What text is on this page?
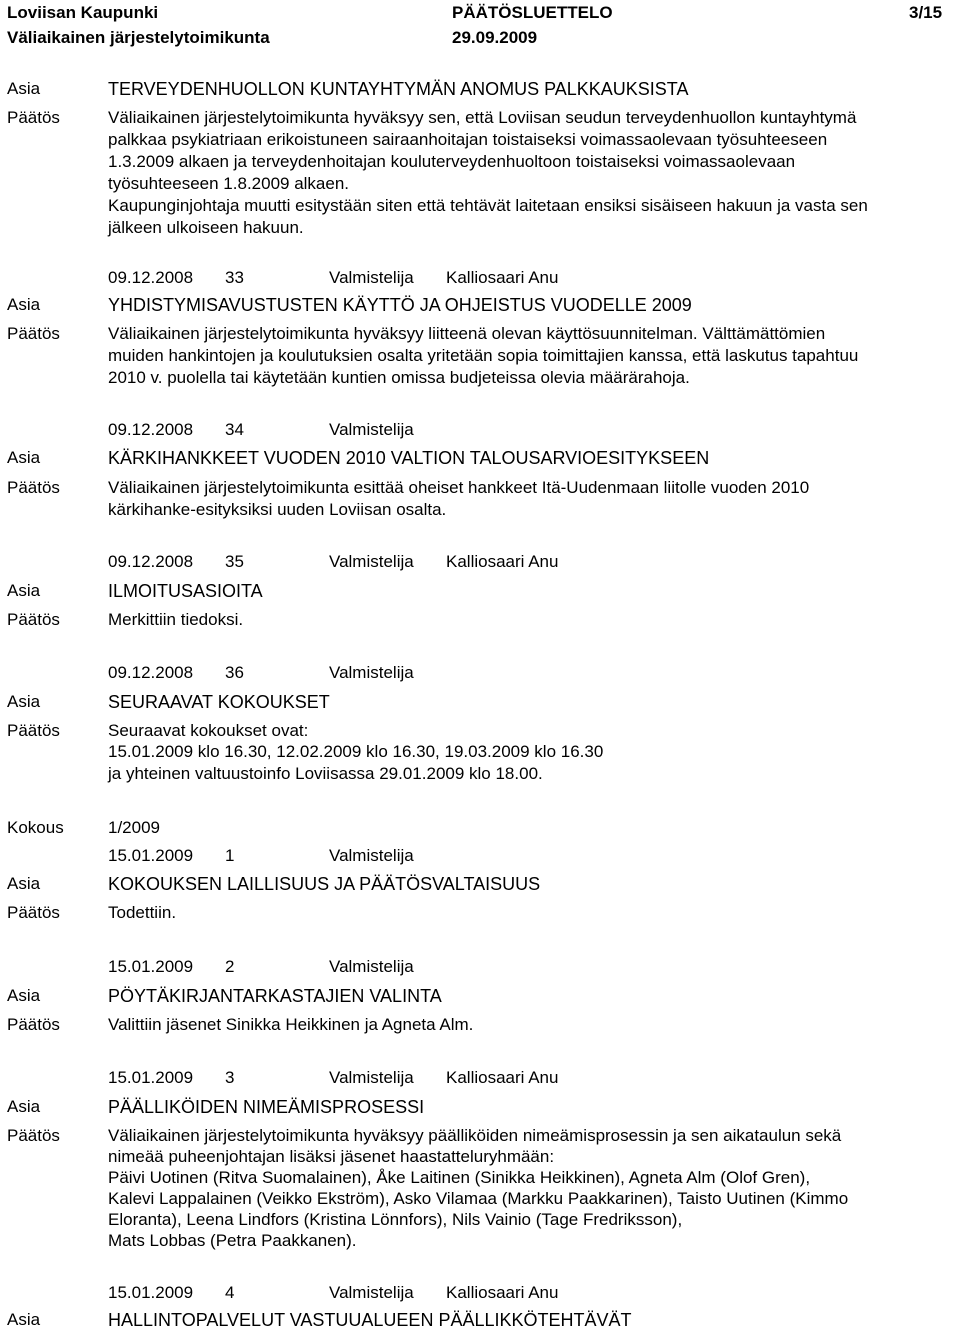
Loviisan Kaupunki	PÄÄTÖSLUETTELO	3/15
Väliaikainen järjestelytoimikunta	29.09.2009
Asia	TERVEYDENHUOLLON KUNTAYHTYMÄN ANOMUS PALKKAUKSISTA
Päätös	Väliaikainen järjestelytoimikunta hyväksyy sen, että Loviisan seudun terveydenhuollon kuntayhtymä
palkkaa psykiatriaan erikoistuneen sairaanhoitajan toistaiseksi voimassaolevaan työsuhteeseen
1.3.2009 alkaen ja terveydenhoitajan kouluterveydenhuoltoon toistaiseksi voimassaolevaan
työsuhteeseen 1.8.2009 alkaen.
Kaupunginjohtaja muutti esitystään siten että tehtävät laitetaan ensiksi sisäiseen hakuun ja vasta sen
jälkeen ulkoiseen hakuun.
09.12.2008 33	Valmistelija Kalliosaari Anu
Asia	YHDISTYMISAVUSTUSTEN KÄYTTÖ JA OHJEISTUS VUODELLE 2009
Päätös	Väliaikainen järjestelytoimikunta hyväksyy liitteenä olevan käyttösuunnitelman. Välttämättömien
muiden hankintojen ja koulutuksien osalta yritetään sopia toimittajien kanssa, että laskutus tapahtuu
2010 v. puolella tai käytetään kuntien omissa budjeteissa olevia määrärahoja.
09.12.2008 34	Valmistelija
Asia	KÄRKIHANKKEET VUODEN 2010 VALTION TALOUSARVIOESITYKSEEN
Päätös	Väliaikainen järjestelytoimikunta esittää oheiset hankkeet Itä-Uudenmaan liitolle vuoden 2010
kärkihanke-esityksiksi uuden Loviisan osalta.
09.12.2008 35	Valmistelija Kalliosaari Anu
Asia	ILMOITUSASIOITA
Päätös	Merkittiin tiedoksi.
09.12.2008 36	Valmistelija
Asia	SEURAAVAT KOKOUKSET
Päätös	Seuraavat kokoukset ovat:
15.01.2009 klo 16.30, 12.02.2009 klo 16.30, 19.03.2009 klo 16.30
ja yhteinen valtuustoinfo Loviisassa 29.01.2009 klo 18.00.
Kokous	1/2009
15.01.2009 1	Valmistelija
Asia	KOKOUKSEN LAILLISUUS JA PÄÄTÖSVALTAISUUS
Päätös	Todettiin.
15.01.2009 2	Valmistelija
Asia	PÖYTÄKIRJANTARKASTAJIEN VALINTA
Päätös	Valittiin jäsenet Sinikka Heikkinen ja Agneta Alm.
15.01.2009 3	Valmistelija Kalliosaari Anu
Asia	PÄÄLLIKÖIDEN NIMEÄMISPROSESSI
Päätös	Väliaikainen järjestelytoimikunta hyväksyy päälliköiden nimeämisprosessin ja sen aikataulun sekä
nimeää puheenjohtajan lisäksi jäsenet haastatteluryhmään:
Päivi Uotinen (Ritva Suomalainen), Åke Laitinen (Sinikka Heikkinen), Agneta Alm (Olof Gren),
Kalevi Lappalainen (Veikko Ekström), Asko Vilamaa (Markku Paakkarinen), Taisto Uutinen (Kimmo
Eloranta), Leena Lindfors (Kristina Lönnfors), Nils Vainio (Tage Fredriksson),
Mats Lobbas (Petra Paakkanen).
15.01.2009 4	Valmistelija Kalliosaari Anu
Asia	HALLINTOPALVELUT VASTUUALUEEN PÄÄLLIKKÖTEHTÄVÄT
